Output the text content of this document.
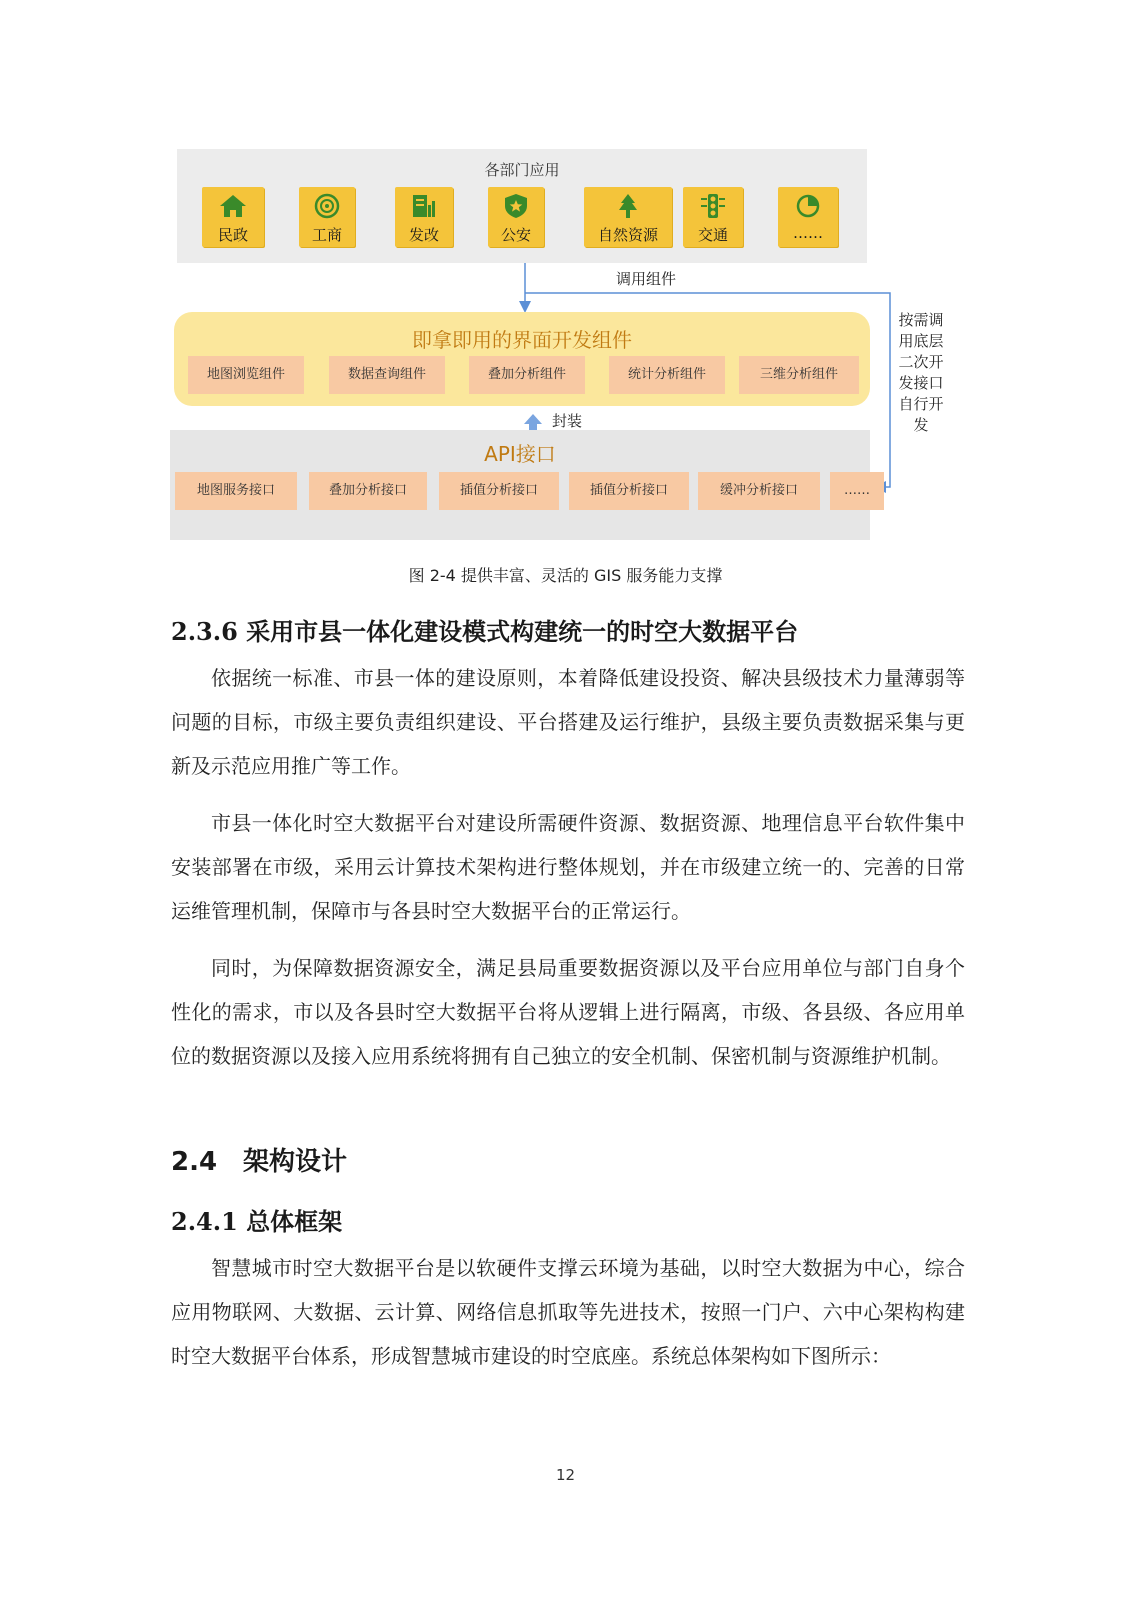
各部门应用
民政	工商	发改	公安	自然资源	交通	……
调用组件
按需调用底层二次开发接口自行开发
即拿即用的界面开发组件
地图浏览组件	数据查询组件	叠加分析组件	统计分析组件	三维分析组件
封装
API接口
地图服务接口	叠加分析接口	插值分析接口	插值分析接口	缓冲分析接口	……
图 2-4 提供丰富、灵活的 GIS 服务能力支撑
2.3.6 采用市县一体化建设模式构建统一的时空大数据平台
依据统一标准、市县一体的建设原则，本着降低建设投资、解决县级技术力量薄弱等问题的目标，市级主要负责组织建设、平台搭建及运行维护，县级主要负责数据采集与更新及示范应用推广等工作。
市县一体化时空大数据平台对建设所需硬件资源、数据资源、地理信息平台软件集中安装部署在市级，采用云计算技术架构进行整体规划，并在市级建立统一的、完善的日常运维管理机制，保障市与各县时空大数据平台的正常运行。
同时，为保障数据资源安全，满足县局重要数据资源以及平台应用单位与部门自身个性化的需求，市以及各县时空大数据平台将从逻辑上进行隔离，市级、各县级、各应用单位的数据资源以及接入应用系统将拥有自己独立的安全机制、保密机制与资源维护机制。
2.4　架构设计
2.4.1 总体框架
智慧城市时空大数据平台是以软硬件支撑云环境为基础，以时空大数据为中心，综合应用物联网、大数据、云计算、网络信息抓取等先进技术，按照一门户、六中心架构构建时空大数据平台体系，形成智慧城市建设的时空底座。系统总体架构如下图所示：
12
